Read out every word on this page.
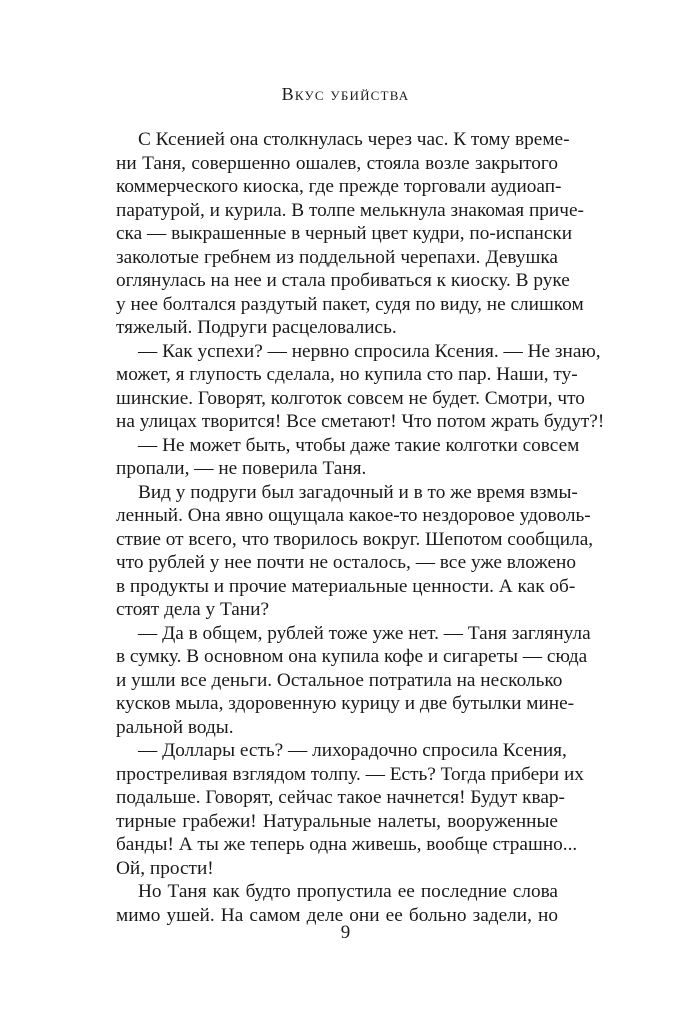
Вкус убийства
С Ксенией она столкнулась через час. К тому време-
ни Таня, совершенно ошалев, стояла возле закрытого
коммерческого киоска, где прежде торговали аудиоап-
паратурой, и курила. В толпе мелькнула знакомая приче-
ска — выкрашенные в черный цвет кудри, по-испански
заколотые гребнем из поддельной черепахи. Девушка
оглянулась на нее и стала пробиваться к киоску. В руке
у нее болтался раздутый пакет, судя по виду, не слишком
тяжелый. Подруги расцеловались.
— Как успехи? — нервно спросила Ксения. — Не знаю,
может, я глупость сделала, но купила сто пар. Наши, ту-
шинские. Говорят, колготок совсем не будет. Смотри, что
на улицах творится! Все сметают! Что потом жрать будут?!
— Не может быть, чтобы даже такие колготки совсем
пропали, — не поверила Таня.
Вид у подруги был загадочный и в то же время взмы-
ленный. Она явно ощущала какое-то нездоровое удоволь-
ствие от всего, что творилось вокруг. Шепотом сообщила,
что рублей у нее почти не осталось, — все уже вложено
в продукты и прочие материальные ценности. А как об-
стоят дела у Тани?
— Да в общем, рублей тоже уже нет. — Таня заглянула
в сумку. В основном она купила кофе и сигареты — сюда
и ушли все деньги. Остальное потратила на несколько
кусков мыла, здоровенную курицу и две бутылки мине-
ральной воды.
— Доллары есть? — лихорадочно спросила Ксения,
простреливая взглядом толпу. — Есть? Тогда прибери их
подальше. Говорят, сейчас такое начнется! Будут квар-
тирные грабежи! Натуральные налеты, вооруженные
банды! А ты же теперь одна живешь, вообще страшно...
Ой, прости!
Но Таня как будто пропустила ее последние слова
мимо ушей. На самом деле они ее больно задели, но
9
